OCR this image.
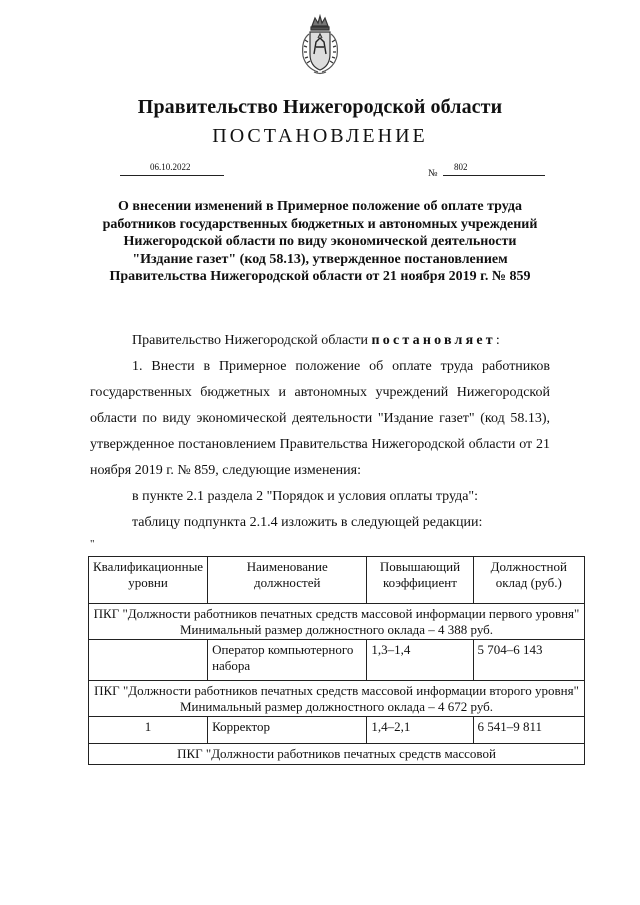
Правительство Нижегородской области
ПОСТАНОВЛЕНИЕ
06.10.2022
№
802
О внесении изменений в Примерное положение об оплате труда работников государственных бюджетных и автономных учреждений Нижегородской области по виду экономической деятельности "Издание газет" (код 58.13), утвержденное постановлением Правительства Нижегородской области от 21 ноября 2019 г. № 859
Правительство Нижегородской области постановляет:
1. Внести в Примерное положение об оплате труда работников государственных бюджетных и автономных учреждений Нижегородской области по виду экономической деятельности "Издание газет" (код 58.13), утвержденное постановлением Правительства Нижегородской области от 21 ноября 2019 г. № 859, следующие изменения:
в пункте 2.1 раздела 2 "Порядок и условия оплаты труда":
таблицу подпункта 2.1.4 изложить в следующей редакции:
"
Квалификационные уровни	Наименование должностей	Повышающий коэффициент	Должностной оклад (руб.)

ПКГ "Должности работников печатных средств массовой информации первого уровня"
Минимальный размер должностного оклада – 4 388 руб.			

	Оператор компьютерного набора	1,3–1,4	5 704–6 143

ПКГ "Должности работников печатных средств массовой информации второго уровня"
Минимальный размер должностного оклада – 4 672 руб.			

1	Корректор	1,4–2,1	6 541–9 811

ПКГ "Должности работников печатных средств массовой			
